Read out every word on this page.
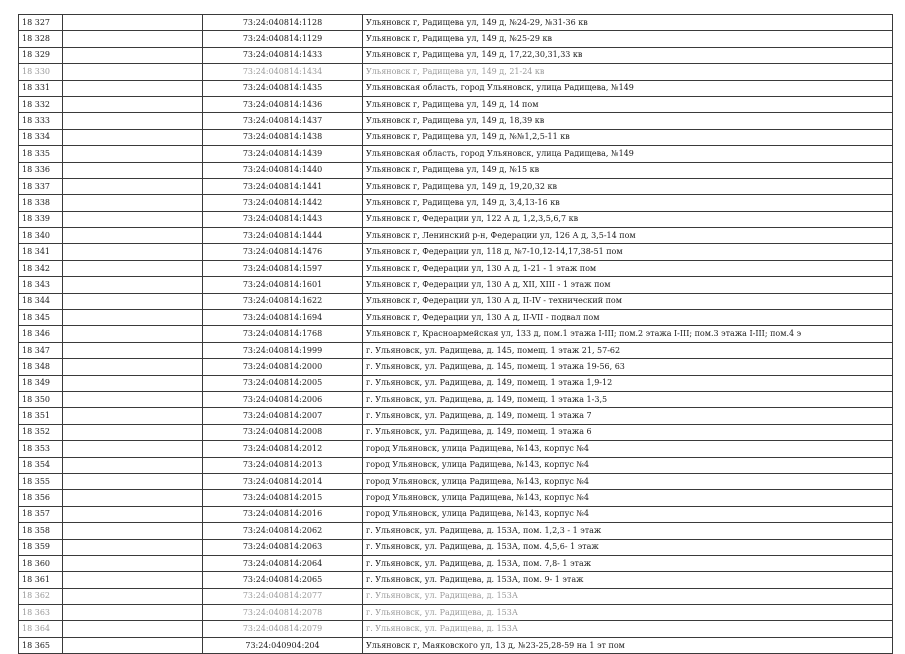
18 327		73:24:040814:1128	Ульяновск г, Радищева ул, 149 д, №24-29, №31-36 кв
18 328		73:24:040814:1129	Ульяновск г, Радищева ул, 149 д, №25-29 кв
18 329		73:24:040814:1433	Ульяновск г, Радищева ул, 149 д, 17,22,30,31,33 кв
18 330		73:24:040814:1434	Ульяновск г, Радищева ул, 149 д, 21-24 кв
18 331		73:24:040814:1435	Ульяновская область, город Ульяновск, улица Радищева, №149
18 332		73:24:040814:1436	Ульяновск г, Радищева ул, 149 д, 14 пом
18 333		73:24:040814:1437	Ульяновск г, Радищева ул, 149 д, 18,39 кв
18 334		73:24:040814:1438	Ульяновск г, Радищева ул, 149 д, №№1,2,5-11 кв
18 335		73:24:040814:1439	Ульяновская область, город Ульяновск, улица Радищева, №149
18 336		73:24:040814:1440	Ульяновск г, Радищева ул, 149 д, №15 кв
18 337		73:24:040814:1441	Ульяновск г, Радищева ул, 149 д, 19,20,32 кв
18 338		73:24:040814:1442	Ульяновск г, Радищева ул, 149 д, 3,4,13-16 кв
18 339		73:24:040814:1443	Ульяновск г, Федерации ул, 122 А д, 1,2,3,5,6,7 кв
18 340		73:24:040814:1444	Ульяновск г, Ленинский р-н, Федерации ул, 126 А д, 3,5-14 пом
18 341		73:24:040814:1476	Ульяновск г, Федерации ул, 118 д, №7-10,12-14,17,38-51 пом
18 342		73:24:040814:1597	Ульяновск г, Федерации ул, 130 А д, 1-21 - 1 этаж пом
18 343		73:24:040814:1601	Ульяновск г, Федерации ул, 130 А д, XII, XIII - 1 этаж пом
18 344		73:24:040814:1622	Ульяновск г, Федерации ул, 130 А д, II-IV - технический пом
18 345		73:24:040814:1694	Ульяновск г, Федерации ул, 130 А д, II-VII - подвал пом
18 346		73:24:040814:1768	Ульяновск г, Красноармейская ул, 133 д, пом.1 этажа I-III; пом.2 этажа I-III; пом.3 этажа I-III; пом.4 э
18 347		73:24:040814:1999	г. Ульяновск, ул. Радищева, д. 145, помещ. 1 этаж 21, 57-62
18 348		73:24:040814:2000	г. Ульяновск, ул. Радищева, д. 145, помещ. 1 этажа 19-56, 63
18 349		73:24:040814:2005	г. Ульяновск, ул. Радищева, д. 149, помещ. 1 этажа 1,9-12
18 350		73:24:040814:2006	г. Ульяновск, ул. Радищева, д. 149, помещ. 1 этажа 1-3,5
18 351		73:24:040814:2007	г. Ульяновск, ул. Радищева, д. 149, помещ. 1 этажа 7
18 352		73:24:040814:2008	г. Ульяновск, ул. Радищева, д. 149, помещ. 1 этажа 6
18 353		73:24:040814:2012	город Ульяновск, улица Радищева, №143, корпус №4
18 354		73:24:040814:2013	город Ульяновск, улица Радищева, №143, корпус №4
18 355		73:24:040814:2014	город Ульяновск, улица Радищева, №143, корпус №4
18 356		73:24:040814:2015	город Ульяновск, улица Радищева, №143, корпус №4
18 357		73:24:040814:2016	город Ульяновск, улица Радищева, №143, корпус №4
18 358		73:24:040814:2062	г. Ульяновск, ул. Радищева, д. 153А, пом. 1,2,3 - 1 этаж
18 359		73:24:040814:2063	г. Ульяновск, ул. Радищева, д. 153А, пом. 4,5,6- 1 этаж
18 360		73:24:040814:2064	г. Ульяновск, ул. Радищева, д. 153А, пом. 7,8- 1 этаж
18 361		73:24:040814:2065	г. Ульяновск, ул. Радищева, д. 153А, пом. 9- 1 этаж
18 362		73:24:040814:2077	г. Ульяновск, ул. Радищева, д. 153А
18 363		73:24:040814:2078	г. Ульяновск, ул. Радищева, д. 153А
18 364		73:24:040814:2079	г. Ульяновск, ул. Радищева, д. 153А
18 365		73:24:040904:204	Ульяновск г, Маяковского ул, 13 д, №23-25,28-59 на 1 эт пом
